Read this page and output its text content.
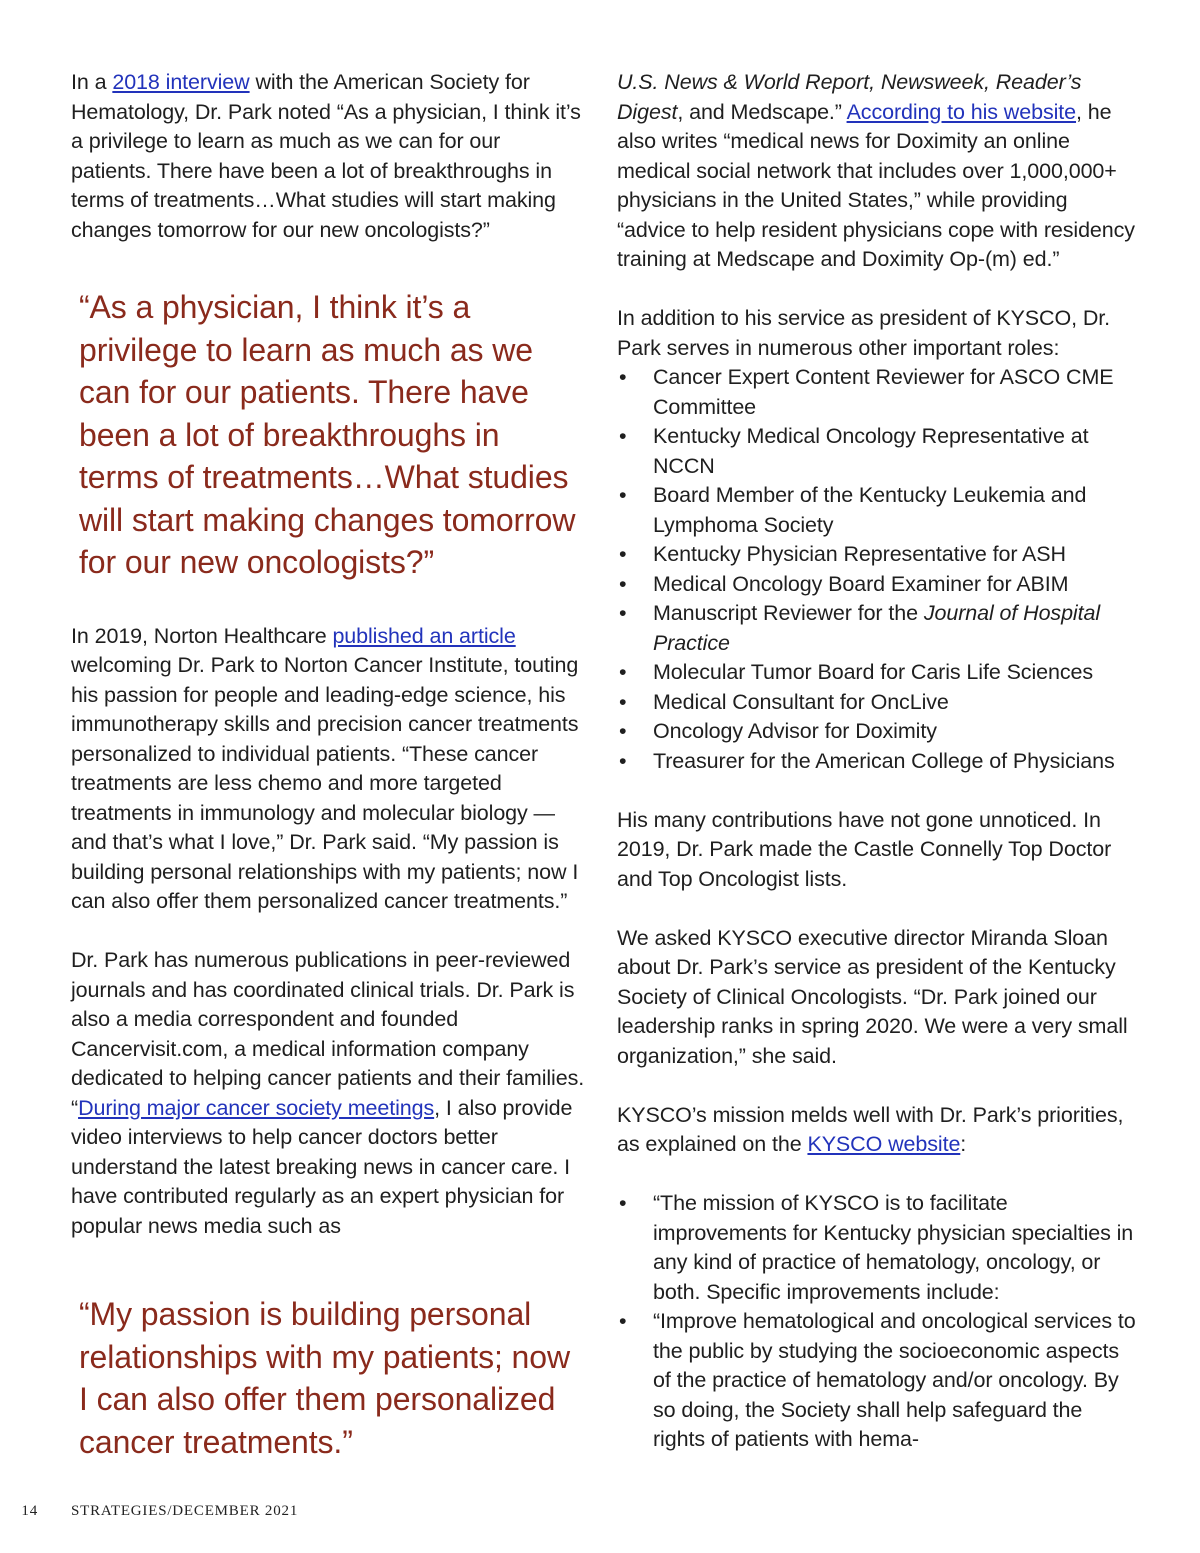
In a 2018 interview with the American Society for Hematology, Dr. Park noted “As a physician, I think it’s a privilege to learn as much as we can for our patients. There have been a lot of breakthroughs in terms of treatments…What studies will start making changes tomorrow for our new oncologists?”

“As a physician, I think it’s a privilege to learn as much as we can for our patients. There have been a lot of breakthroughs in terms of treatments…What studies will start making changes tomorrow for our new oncologists?”

In 2019, Norton Healthcare published an article welcoming Dr. Park to Norton Cancer Institute, touting his passion for people and leading-edge science, his immunotherapy skills and precision cancer treatments personalized to individual patients. “These cancer treatments are less chemo and more targeted treatments in immunology and molecular biology — and that’s what I love,” Dr. Park said. “My passion is building personal relationships with my patients; now I can also offer them personalized cancer treatments.”

Dr. Park has numerous publications in peer-reviewed journals and has coordinated clinical trials. Dr. Park is also a media correspondent and founded Cancervisit.com, a medical information company dedicated to helping cancer patients and their families. “During major cancer society meetings, I also provide video interviews to help cancer doctors better understand the latest breaking news in cancer care. I have contributed regularly as an expert physician for popular news media such as

“My passion is building personal relationships with my patients; now I can also offer them personalized cancer treatments.”

U.S. News & World Report, Newsweek, Reader’s Digest, and Medscape.” According to his website, he also writes “medical news for Doximity an online medical social network that includes over 1,000,000+ physicians in the United States,” while providing “advice to help resident physicians cope with residency training at Medscape and Doximity Op-(m) ed.”

In addition to his service as president of KYSCO, Dr. Park serves in numerous other important roles:

• Cancer Expert Content Reviewer for ASCO CME Committee
• Kentucky Medical Oncology Representative at NCCN
• Board Member of the Kentucky Leukemia and Lymphoma Society
• Kentucky Physician Representative for ASH
• Medical Oncology Board Examiner for ABIM
• Manuscript Reviewer for the Journal of Hospital Practice
• Molecular Tumor Board for Caris Life Sciences
• Medical Consultant for OncLive
• Oncology Advisor for Doximity
• Treasurer for the American College of Physicians

His many contributions have not gone unnoticed. In 2019, Dr. Park made the Castle Connelly Top Doctor and Top Oncologist lists.

We asked KYSCO executive director Miranda Sloan about Dr. Park’s service as president of the Kentucky Society of Clinical Oncologists. “Dr. Park joined our leadership ranks in spring 2020. We were a very small organization,” she said.

KYSCO’s mission melds well with Dr. Park’s priorities, as explained on the KYSCO website:

• “The mission of KYSCO is to facilitate improvements for Kentucky physician specialties in any kind of practice of hematology, oncology, or both. Specific improvements include:
• “Improve hematological and oncological services to the public by studying the socioeconomic aspects of the practice of hematology and/or oncology. By so doing, the Society shall help safeguard the rights of patients with hema-
14 STRATEGIES/DECEMBER 2021
